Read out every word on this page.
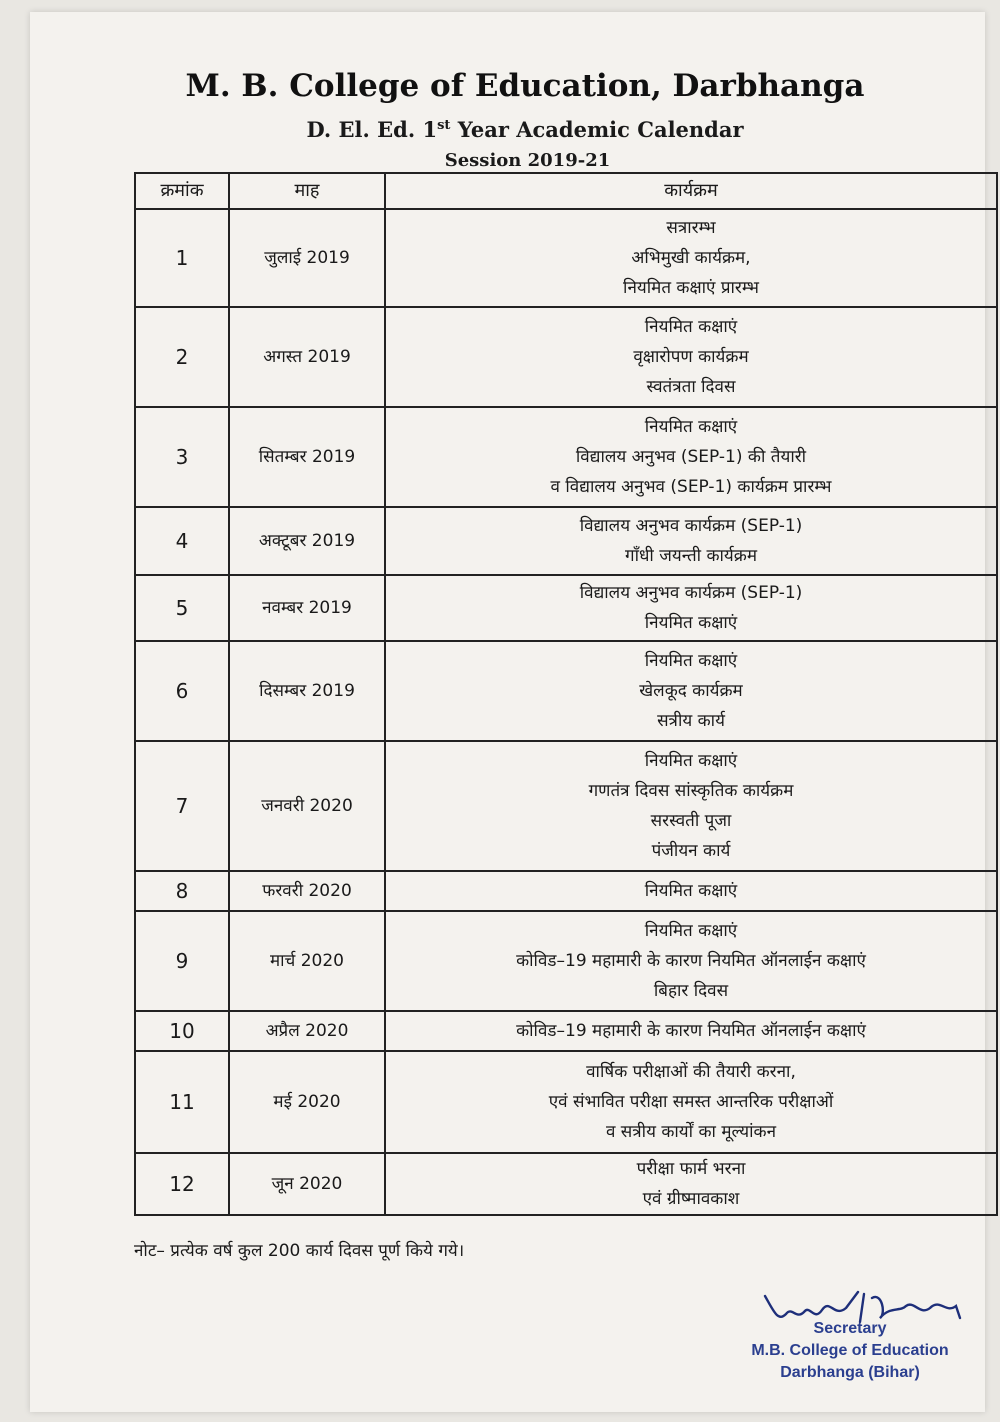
M. B. College of Education, Darbhanga
D. El. Ed. 1st Year Academic Calendar
Session 2019-21
क्रमांक	माह	कार्यक्रम
1	जुलाई 2019	सत्रारम्भ
अभिमुखी कार्यक्रम,
नियमित कक्षाएं प्रारम्भ

2	अगस्त 2019	नियमित कक्षाएं
वृक्षारोपण कार्यक्रम
स्वतंत्रता दिवस

3	सितम्बर 2019	नियमित कक्षाएं
विद्यालय अनुभव (SEP-1) की तैयारी
व विद्यालय अनुभव (SEP-1) कार्यक्रम प्रारम्भ

4	अक्टूबर 2019	विद्यालय अनुभव कार्यक्रम (SEP-1)
गाँधी जयन्ती कार्यक्रम

5	नवम्बर 2019	विद्यालय अनुभव कार्यक्रम (SEP-1)
नियमित कक्षाएं

6	दिसम्बर 2019	नियमित कक्षाएं
खेलकूद कार्यक्रम
सत्रीय कार्य

7	जनवरी 2020	नियमित कक्षाएं
गणतंत्र दिवस सांस्कृतिक कार्यक्रम
सरस्वती पूजा
पंजीयन कार्य

8	फरवरी 2020	नियमित कक्षाएं

9	मार्च 2020	नियमित कक्षाएं
कोविड–19 महामारी के कारण नियमित ऑनलाईन कक्षाएं
बिहार दिवस

10	अप्रैल 2020	कोविड–19 महामारी के कारण नियमित ऑनलाईन कक्षाएं

11	मई 2020	वार्षिक परीक्षाओं की तैयारी करना,
एवं संभावित परीक्षा समस्त आन्तरिक परीक्षाओं
व सत्रीय कार्यों का मूल्यांकन

12	जून 2020	परीक्षा फार्म भरना
एवं ग्रीष्मावकाश
नोट– प्रत्येक वर्ष कुल 200 कार्य दिवस पूर्ण किये गये।
Secretary
M.B. College of Education
Darbhanga (Bihar)
